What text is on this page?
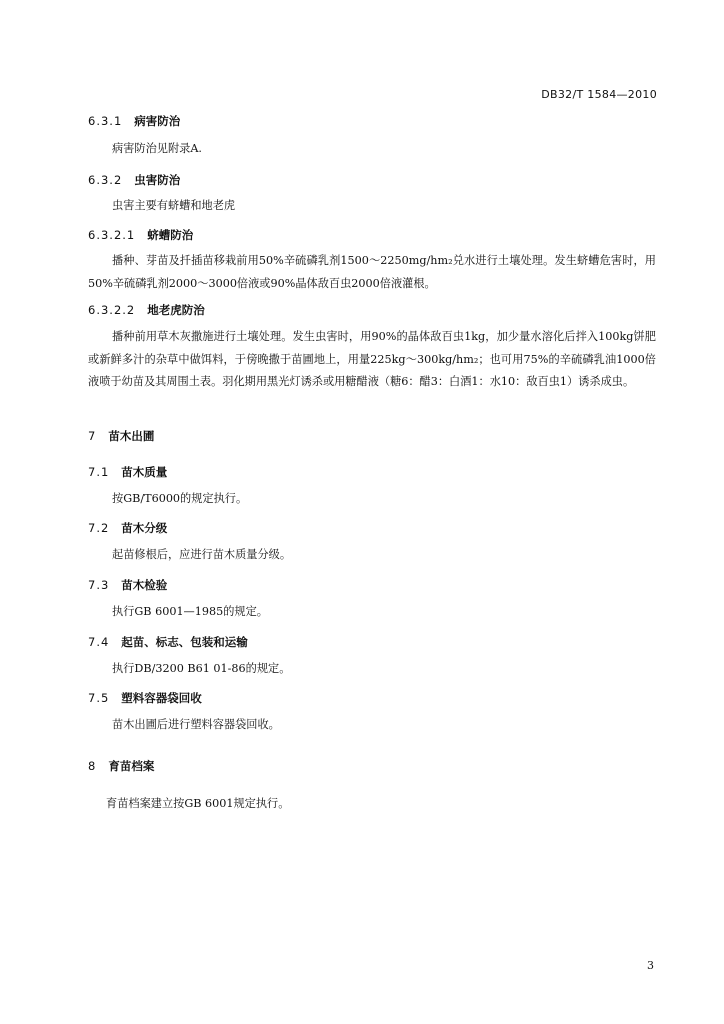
DB32/T 1584—2010
6.3.1 病害防治
病害防治见附录A.
6.3.2 虫害防治
虫害主要有蛴螬和地老虎
6.3.2.1 蛴螬防治
播种、芽苗及扦插苗移栽前用50%辛硫磷乳剂1500～2250mg/hm₂兑水进行土壤处理。发生蛴螬危害时，用50%辛硫磷乳剂2000～3000倍液或90%晶体敌百虫2000倍液灌根。
6.3.2.2 地老虎防治
播种前用草木灰撒施进行土壤处理。发生虫害时，用90%的晶体敌百虫1kg，加少量水溶化后拌入100kg饼肥或新鲜多汁的杂草中做饵料，于傍晚撒于苗圃地上，用量225kg～300kg/hm₂；也可用75%的辛硫磷乳油1000倍液喷于幼苗及其周围土表。羽化期用黑光灯诱杀或用糖醋液（糖6：醋3：白酒1：水10：敌百虫1）诱杀成虫。
7 苗木出圃
7.1 苗木质量
按GB/T6000的规定执行。
7.2 苗木分级
起苗修根后，应进行苗木质量分级。
7.3 苗木检验
执行GB 6001—1985的规定。
7.4 起苗、标志、包装和运输
执行DB/3200 B61 01-86的规定。
7.5 塑料容器袋回收
苗木出圃后进行塑料容器袋回收。
8 育苗档案
育苗档案建立按GB 6001规定执行。
3
